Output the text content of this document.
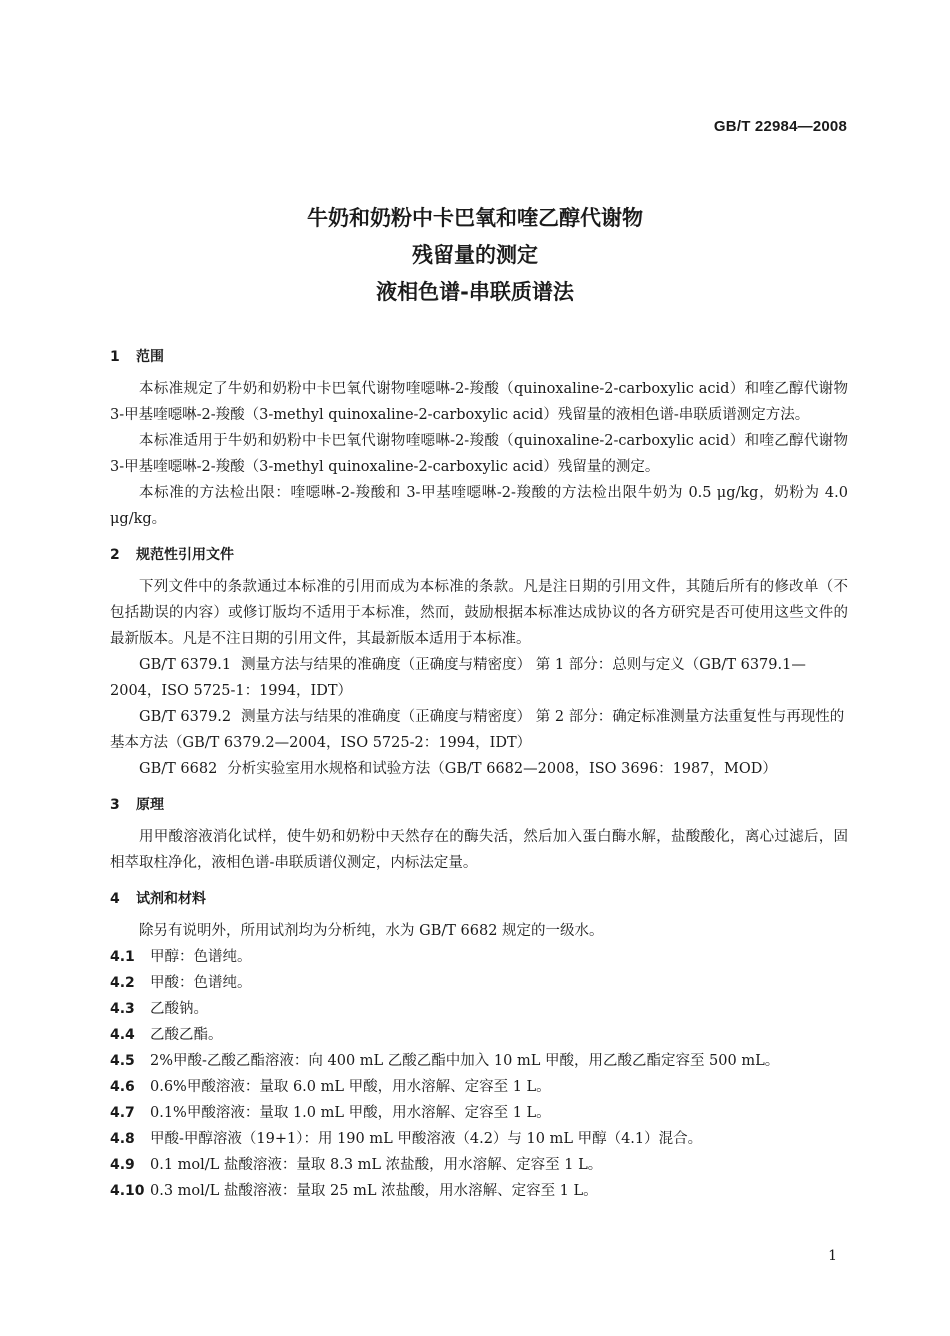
GB/T 22984—2008
牛奶和奶粉中卡巴氧和喹乙醇代谢物
残留量的测定
液相色谱-串联质谱法
1 范围

本标准规定了牛奶和奶粉中卡巴氧代谢物喹噁啉-2-羧酸（quinoxaline-2-carboxylic acid）和喹乙醇代谢物 3-甲基喹噁啉-2-羧酸（3-methyl quinoxaline-2-carboxylic acid）残留量的液相色谱-串联质谱测定方法。

本标准适用于牛奶和奶粉中卡巴氧代谢物喹噁啉-2-羧酸（quinoxaline-2-carboxylic acid）和喹乙醇代谢物 3-甲基喹噁啉-2-羧酸（3-methyl quinoxaline-2-carboxylic acid）残留量的测定。

本标准的方法检出限：喹噁啉-2-羧酸和 3-甲基喹噁啉-2-羧酸的方法检出限牛奶为 0.5 μg/kg，奶粉为 4.0 μg/kg。

2 规范性引用文件

下列文件中的条款通过本标准的引用而成为本标准的条款。凡是注日期的引用文件，其随后所有的修改单（不包括勘误的内容）或修订版均不适用于本标准，然而，鼓励根据本标准达成协议的各方研究是否可使用这些文件的最新版本。凡是不注日期的引用文件，其最新版本适用于本标准。

GB/T 6379.1 测量方法与结果的准确度（正确度与精密度） 第 1 部分：总则与定义（GB/T 6379.1—2004，ISO 5725-1：1994，IDT）

GB/T 6379.2 测量方法与结果的准确度（正确度与精密度） 第 2 部分：确定标准测量方法重复性与再现性的基本方法（GB/T 6379.2—2004，ISO 5725-2：1994，IDT）

GB/T 6682 分析实验室用水规格和试验方法（GB/T 6682—2008，ISO 3696：1987，MOD）

3 原理

用甲酸溶液消化试样，使牛奶和奶粉中天然存在的酶失活，然后加入蛋白酶水解，盐酸酸化，离心过滤后，固相萃取柱净化，液相色谱-串联质谱仪测定，内标法定量。

4 试剂和材料

除另有说明外，所用试剂均为分析纯，水为 GB/T 6682 规定的一级水。

4.1 甲醇：色谱纯。

4.2 甲酸：色谱纯。

4.3 乙酸钠。

4.4 乙酸乙酯。

4.5 2%甲酸-乙酸乙酯溶液：向 400 mL 乙酸乙酯中加入 10 mL 甲酸，用乙酸乙酯定容至 500 mL。

4.6 0.6%甲酸溶液：量取 6.0 mL 甲酸，用水溶解、定容至 1 L。

4.7 0.1%甲酸溶液：量取 1.0 mL 甲酸，用水溶解、定容至 1 L。

4.8 甲酸-甲醇溶液（19+1）：用 190 mL 甲酸溶液（4.2）与 10 mL 甲醇（4.1）混合。

4.9 0.1 mol/L 盐酸溶液：量取 8.3 mL 浓盐酸，用水溶解、定容至 1 L。

4.10 0.3 mol/L 盐酸溶液：量取 25 mL 浓盐酸，用水溶解、定容至 1 L。

1
